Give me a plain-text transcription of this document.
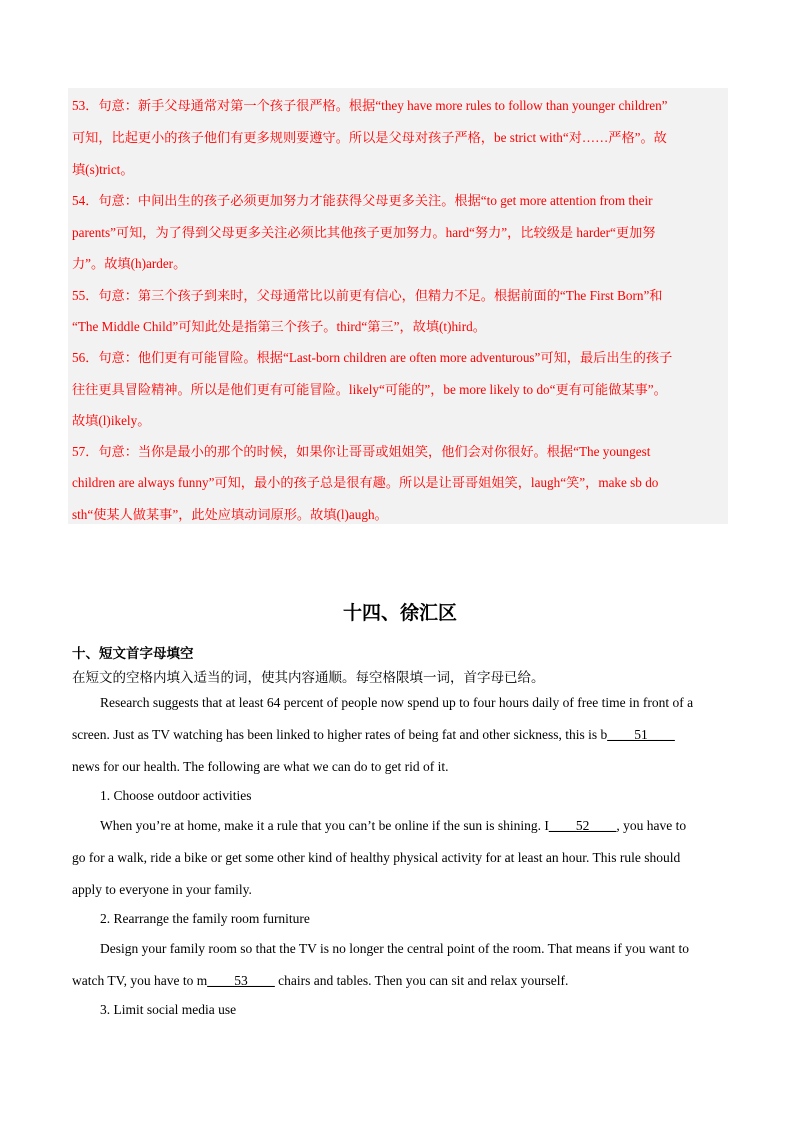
53．句意：新手父母通常对第一个孩子很严格。根据“they have more rules to follow than younger children”

可知，比起更小的孩子他们有更多规则要遵守。所以是父母对孩子严格，be strict with“对……严格”。故

填(s)trict。

54．句意：中间出生的孩子必须更加努力才能获得父母更多关注。根据“to get more attention from their

parents”可知，为了得到父母更多关注必须比其他孩子更加努力。hard“努力”，比较级是 harder“更加努

力”。故填(h)arder。

55．句意：第三个孩子到来时，父母通常比以前更有信心，但精力不足。根据前面的“The First Born”和

“The Middle Child”可知此处是指第三个孩子。third“第三”，故填(t)hird。

56．句意：他们更有可能冒险。根据“Last-born children are often more adventurous”可知，最后出生的孩子

往往更具冒险精神。所以是他们更有可能冒险。likely“可能的”，be more likely to do“更有可能做某事”。

故填(l)ikely。

57．句意：当你是最小的那个的时候，如果你让哥哥或姐姐笑，他们会对你很好。根据“The youngest

children are always funny”可知，最小的孩子总是很有趣。所以是让哥哥姐姐笑，laugh“笑”，make sb do

sth“使某人做某事”，此处应填动词原形。故填(l)augh。

十四、徐汇区
十、短文首字母填空

在短文的空格内填入适当的词，使其内容通顺。每空格限填一词，首字母已给。

Research suggests that at least 64 percent of people now spend up to four hours daily of free time in front of a

screen. Just as TV watching has been linked to higher rates of being fat and other sickness, this is b____51____

news for our health. The following are what we can do to get rid of it.

1. Choose outdoor activities

When you’re at home, make it a rule that you can’t be online if the sun is shining. I____52____, you have to

go for a walk, ride a bike or get some other kind of healthy physical activity for at least an hour. This rule should

apply to everyone in your family.

2. Rearrange the family room furniture

Design your family room so that the TV is no longer the central point of the room. That means if you want to

watch TV, you have to m____53____ chairs and tables. Then you can sit and relax yourself.

3. Limit social media use
